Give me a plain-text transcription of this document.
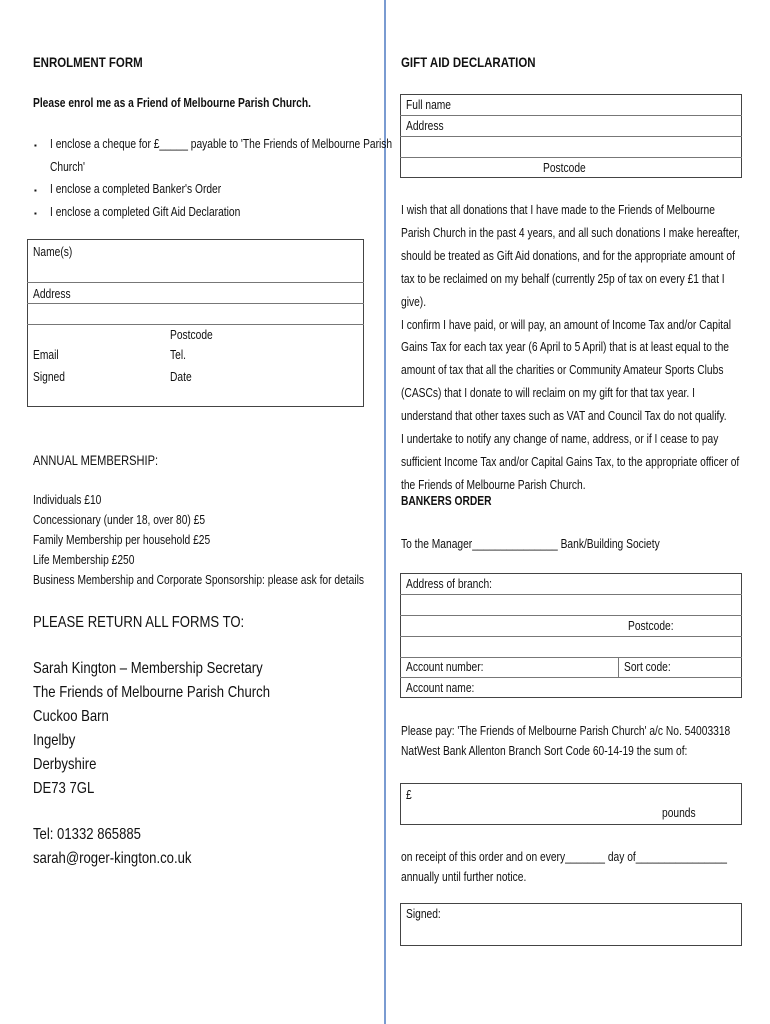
ENROLMENT FORM
Please enrol me as a Friend of Melbourne Parish Church.
▪ I enclose a cheque for £_____ payable to 'The Friends of Melbourne Parish
Church'
▪ I enclose a completed Banker's Order
▪ I enclose a completed Gift Aid Declaration
Name(s)
Address
Postcode
Email	Tel.
Signed	Date
ANNUAL MEMBERSHIP:
Individuals £10
Concessionary (under 18, over 80) £5
Family Membership per household £25
Life Membership £250
Business Membership and Corporate Sponsorship: please ask for details
PLEASE RETURN ALL FORMS TO:
Sarah Kington – Membership Secretary
The Friends of Melbourne Parish Church
Cuckoo Barn
Ingelby
Derbyshire
DE73 7GL
Tel: 01332 865885
sarah@roger-kington.co.uk
GIFT AID DECLARATION
Full name
Address
Postcode

I wish that all donations that I have made to the Friends of Melbourne Parish Church in the past 4 years, and all such donations I make hereafter, should be treated as Gift Aid donations, and for the appropriate amount of tax to be reclaimed on my behalf (currently 25p of tax on every £1 that I give).

I confirm I have paid, or will pay, an amount of Income Tax and/or Capital Gains Tax for each tax year (6 April to 5 April) that is at least equal to the amount of tax that all the charities or Community Amateur Sports Clubs (CASCs) that I donate to will reclaim on my gift for that tax year. I understand that other taxes such as VAT and Council Tax do not qualify.

I undertake to notify any change of name, address, or if I cease to pay sufficient Income Tax and/or Capital Gains Tax, to the appropriate officer of the Friends of Melbourne Parish Church.

BANKERS ORDER
To the Manager_______________ Bank/Building Society
Address of branch:
Postcode:
Account number:	Sort code:
Account name:
Please pay: 'The Friends of Melbourne Parish Church' a/c No. 54003318 NatWest Bank Allenton Branch Sort Code 60-14-19 the sum of:
£
pounds
on receipt of this order and on every_______ day of________________ annually until further notice.
Signed:
